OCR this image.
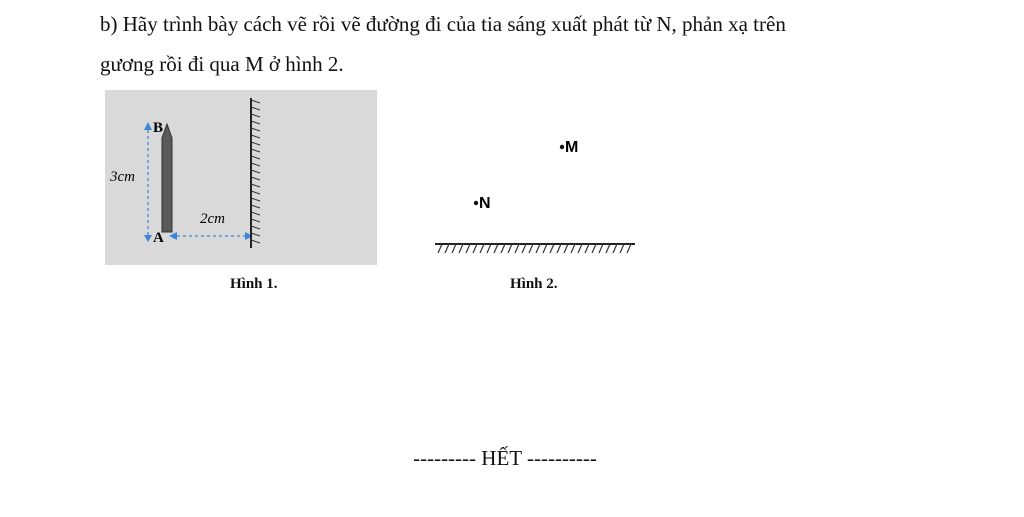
b) Hãy trình bày cách vẽ rồi vẽ đường đi của tia sáng xuất phát từ N, phản xạ trên
gương rồi đi qua M ở hình 2.
B
A
3cm
2cm
Hình 1.
M
N
Hình 2.
--------- HẾT ----------
